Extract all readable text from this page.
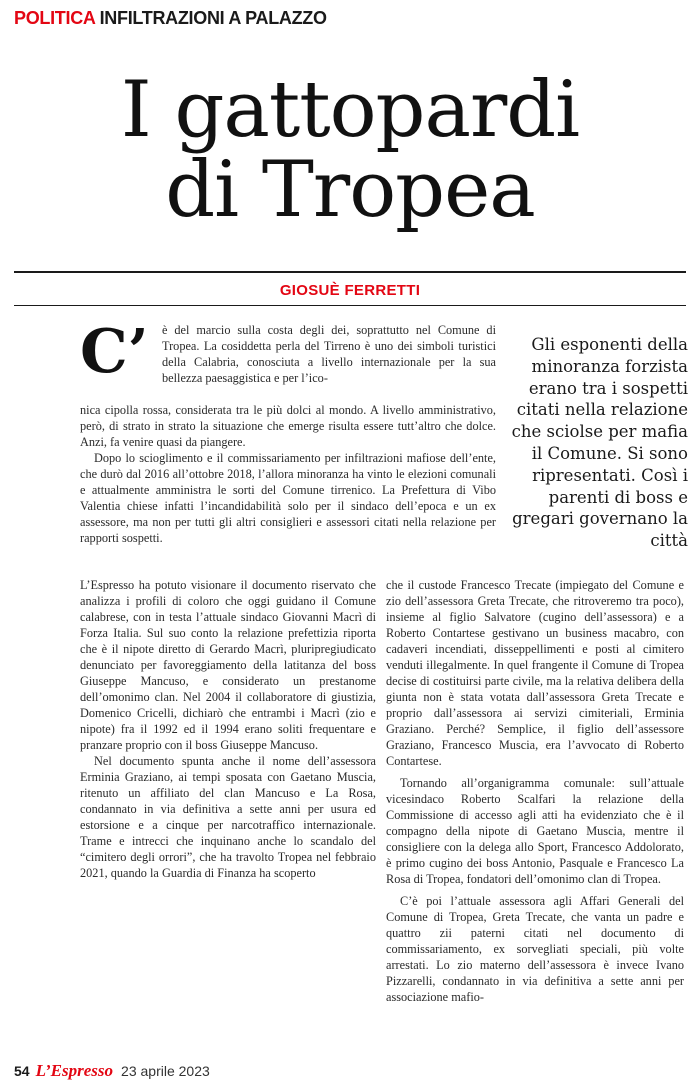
POLITICA INFILTRAZIONI A PALAZZO
I gattopardi
di Tropea
GIOSUÈ FERRETTI
C’ è del marcio sulla costa degli dei, soprattutto nel Comune di Tropea. La cosiddetta perla del Tirreno è uno dei simboli turistici della Calabria, conosciuta a livello internazionale per la sua bellezza paesaggistica e per l’ico-

nica cipolla rossa, considerata tra le più dolci al mondo. A livello amministrativo, però, di strato in strato la situazione che emerge risulta essere tutt’altro che dolce. Anzi, fa venire quasi da piangere.

Dopo lo scioglimento e il commissariamento per infiltrazioni mafiose dell’ente, che durò dal 2016 all’ottobre 2018, l’allora minoranza ha vinto le elezioni comunali e attualmente amministra le sorti del Comune tirrenico. La Prefettura di Vibo Valentia chiese infatti l’incandidabilità solo per il sindaco dell’epoca e un ex assessore, ma non per tutti gli altri consiglieri e assessori citati nella relazione per rapporti sospetti.

Gli esponenti della minoranza forzista erano tra i sospetti citati nella relazione che sciolse per mafia il Comune. Si sono ripresentati. Così i parenti di boss e gregari governano la città

L’Espresso ha potuto visionare il documento riservato che analizza i profili di coloro che oggi guidano il Comune calabrese, con in testa l’attuale sindaco Giovanni Macrì di Forza Italia. Sul suo conto la relazione prefettizia riporta che è il nipote diretto di Gerardo Macrì, pluripregiudicato denunciato per favoreggiamento della latitanza del boss Giuseppe Mancuso, e considerato un prestanome dell’omonimo clan. Nel 2004 il collaboratore di giustizia, Domenico Cricelli, dichiarò che entrambi i Macrì (zio e nipote) fra il 1992 ed il 1994 erano soliti frequentare e pranzare proprio con il boss Giuseppe Mancuso.

Nel documento spunta anche il nome dell’assessora Erminia Graziano, ai tempi sposata con Gaetano Muscia, ritenuto un affiliato del clan Mancuso e La Rosa, condannato in via definitiva a sette anni per usura ed estorsione e a cinque per narcotraffico internazionale. Trame e intrecci che inquinano anche lo scandalo del “cimitero degli orrori”, che ha travolto Tropea nel febbraio 2021, quando la Guardia di Finanza ha scoperto

che il custode Francesco Trecate (impiegato del Comune e zio dell’assessora Greta Trecate, che ritroveremo tra poco), insieme al figlio Salvatore (cugino dell’assessora) e a Roberto Contartese gestivano un business macabro, con cadaveri incendiati, disseppellimenti e posti al cimitero venduti illegalmente. In quel frangente il Comune di Tropea decise di costituirsi parte civile, ma la relativa delibera della giunta non è stata votata dall’assessora Greta Trecate e proprio dall’assessora ai servizi cimiteriali, Erminia Graziano. Perché? Semplice, il figlio dell’assessore Graziano, Francesco Muscia, era l’avvocato di Roberto Contartese.

Tornando all’organigramma comunale: sull’attuale vicesindaco Roberto Scalfari la relazione della Commissione di accesso agli atti ha evidenziato che è il compagno della nipote di Gaetano Muscia, mentre il consigliere con la delega allo Sport, Francesco Addolorato, è primo cugino dei boss Antonio, Pasquale e Francesco La Rosa di Tropea, fondatori dell’omonimo clan di Tropea.

C’è poi l’attuale assessora agli Affari Generali del Comune di Tropea, Greta Trecate, che vanta un padre e quattro zii paterni citati nel documento di commissariamento, ex sorvegliati speciali, più volte arrestati. Lo zio materno dell’assessora è invece Ivano Pizzarelli, condannato in via definitiva a sette anni per associazione mafio-

54 L’Espresso 23 aprile 2023
